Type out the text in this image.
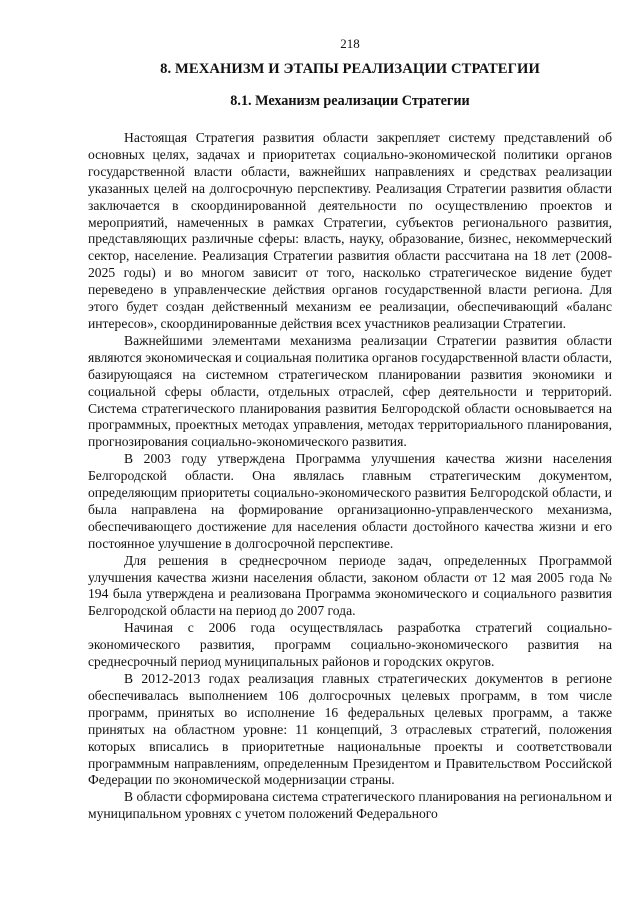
218
8. МЕХАНИЗМ И ЭТАПЫ РЕАЛИЗАЦИИ СТРАТЕГИИ
8.1. Механизм реализации Стратегии

Настоящая Стратегия развития области закрепляет систему представлений об основных целях, задачах и приоритетах социально-экономической политики органов государственной власти области, важнейших направлениях и средствах реализации указанных целей на долгосрочную перспективу. Реализация Стратегии развития области заключается в скоординированной деятельности по осуществлению проектов и мероприятий, намеченных в рамках Стратегии, субъектов регионального развития, представляющих различные сферы: власть, науку, образование, бизнес, некоммерческий сектор, население. Реализация Стратегии развития области рассчитана на 18 лет (2008-2025 годы) и во многом зависит от того, насколько стратегическое видение будет переведено в управленческие действия органов государственной власти региона. Для этого будет создан действенный механизм ее реализации, обеспечивающий «баланс интересов», скоординированные действия всех участников реализации Стратегии.

Важнейшими элементами механизма реализации Стратегии развития области являются экономическая и социальная политика органов государственной власти области, базирующаяся на системном стратегическом планировании развития экономики и социальной сферы области, отдельных отраслей, сфер деятельности и территорий. Система стратегического планирования развития Белгородской области основывается на программных, проектных методах управления, методах территориального планирования, прогнозирования социально-экономического развития.

В 2003 году утверждена Программа улучшения качества жизни населения Белгородской области. Она являлась главным стратегическим документом, определяющим приоритеты социально-экономического развития Белгородской области, и была направлена на формирование организационно-управленческого механизма, обеспечивающего достижение для населения области достойного качества жизни и его постоянное улучшение в долгосрочной перспективе.

Для решения в среднесрочном периоде задач, определенных Программой улучшения качества жизни населения области, законом области от 12 мая 2005 года № 194 была утверждена и реализована Программа экономического и социального развития Белгородской области на период до 2007 года.

Начиная с 2006 года осуществлялась разработка стратегий социально-экономического развития, программ социально-экономического развития на среднесрочный период муниципальных районов и городских округов.

В 2012-2013 годах реализация главных стратегических документов в регионе обеспечивалась выполнением 106 долгосрочных целевых программ, в том числе программ, принятых во исполнение 16 федеральных целевых программ, а также принятых на областном уровне: 11 концепций, 3 отраслевых стратегий, положения которых вписались в приоритетные национальные проекты и соответствовали программным направлениям, определенным Президентом и Правительством Российской Федерации по экономической модернизации страны.

В области сформирована система стратегического планирования на региональном и муниципальном уровнях с учетом положений Федерального
